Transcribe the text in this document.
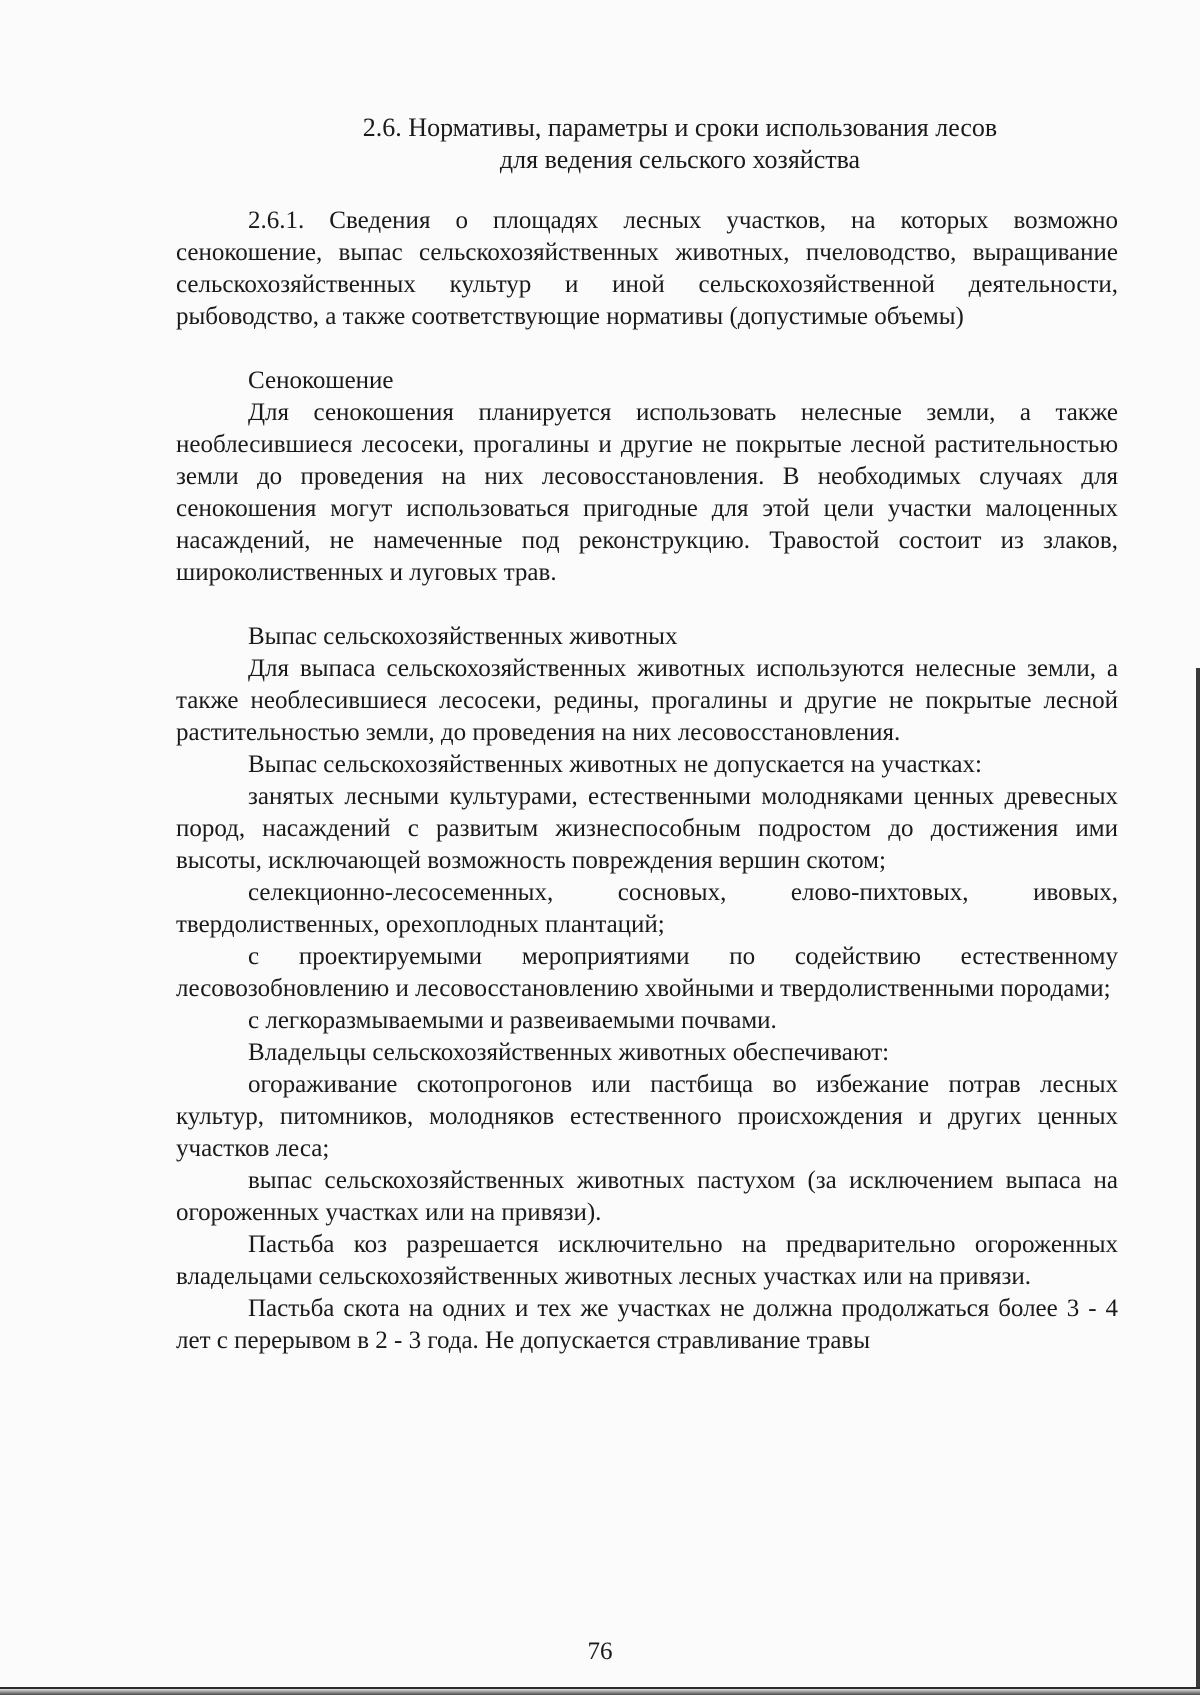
2.6. Нормативы, параметры и сроки использования лесов
для ведения сельского хозяйства

2.6.1. Сведения о площадях лесных участков, на которых возможно сенокошение, выпас сельскохозяйственных животных, пчеловодство, выращивание сельскохозяйственных культур и иной сельскохозяйственной деятельности, рыбоводство, а также соответствующие нормативы (допустимые объемы)

Сенокошение

Для сенокошения планируется использовать нелесные земли, а также необлесившиеся лесосеки, прогалины и другие не покрытые лесной растительностью земли до проведения на них лесовосстановления. В необходимых случаях для сенокошения могут использоваться пригодные для этой цели участки малоценных насаждений, не намеченные под реконструкцию. Травостой состоит из злаков, широколиственных и луговых трав.

Выпас сельскохозяйственных животных

Для выпаса сельскохозяйственных животных используются нелесные земли, а также необлесившиеся лесосеки, редины, прогалины и другие не покрытые лесной растительностью земли, до проведения на них лесовосстановления.

Выпас сельскохозяйственных животных не допускается на участках:

занятых лесными культурами, естественными молодняками ценных древесных пород, насаждений с развитым жизнеспособным подростом до достижения ими высоты, исключающей возможность повреждения вершин скотом;

селекционно-лесосеменных, сосновых, елово-пихтовых, ивовых, твердолиственных, орехоплодных плантаций;

с проектируемыми мероприятиями по содействию естественному лесовозобновлению и лесовосстановлению хвойными и твердолиственными породами;

с легкоразмываемыми и развеиваемыми почвами.

Владельцы сельскохозяйственных животных обеспечивают:

огораживание скотопрогонов или пастбища во избежание потрав лесных культур, питомников, молодняков естественного происхождения и других ценных участков леса;

выпас сельскохозяйственных животных пастухом (за исключением выпаса на огороженных участках или на привязи).

Пастьба коз разрешается исключительно на предварительно огороженных владельцами сельскохозяйственных животных лесных участках или на привязи.

Пастьба скота на одних и тех же участках не должна продолжаться более 3 - 4 лет с перерывом в 2 - 3 года. Не допускается стравливание травы

76
